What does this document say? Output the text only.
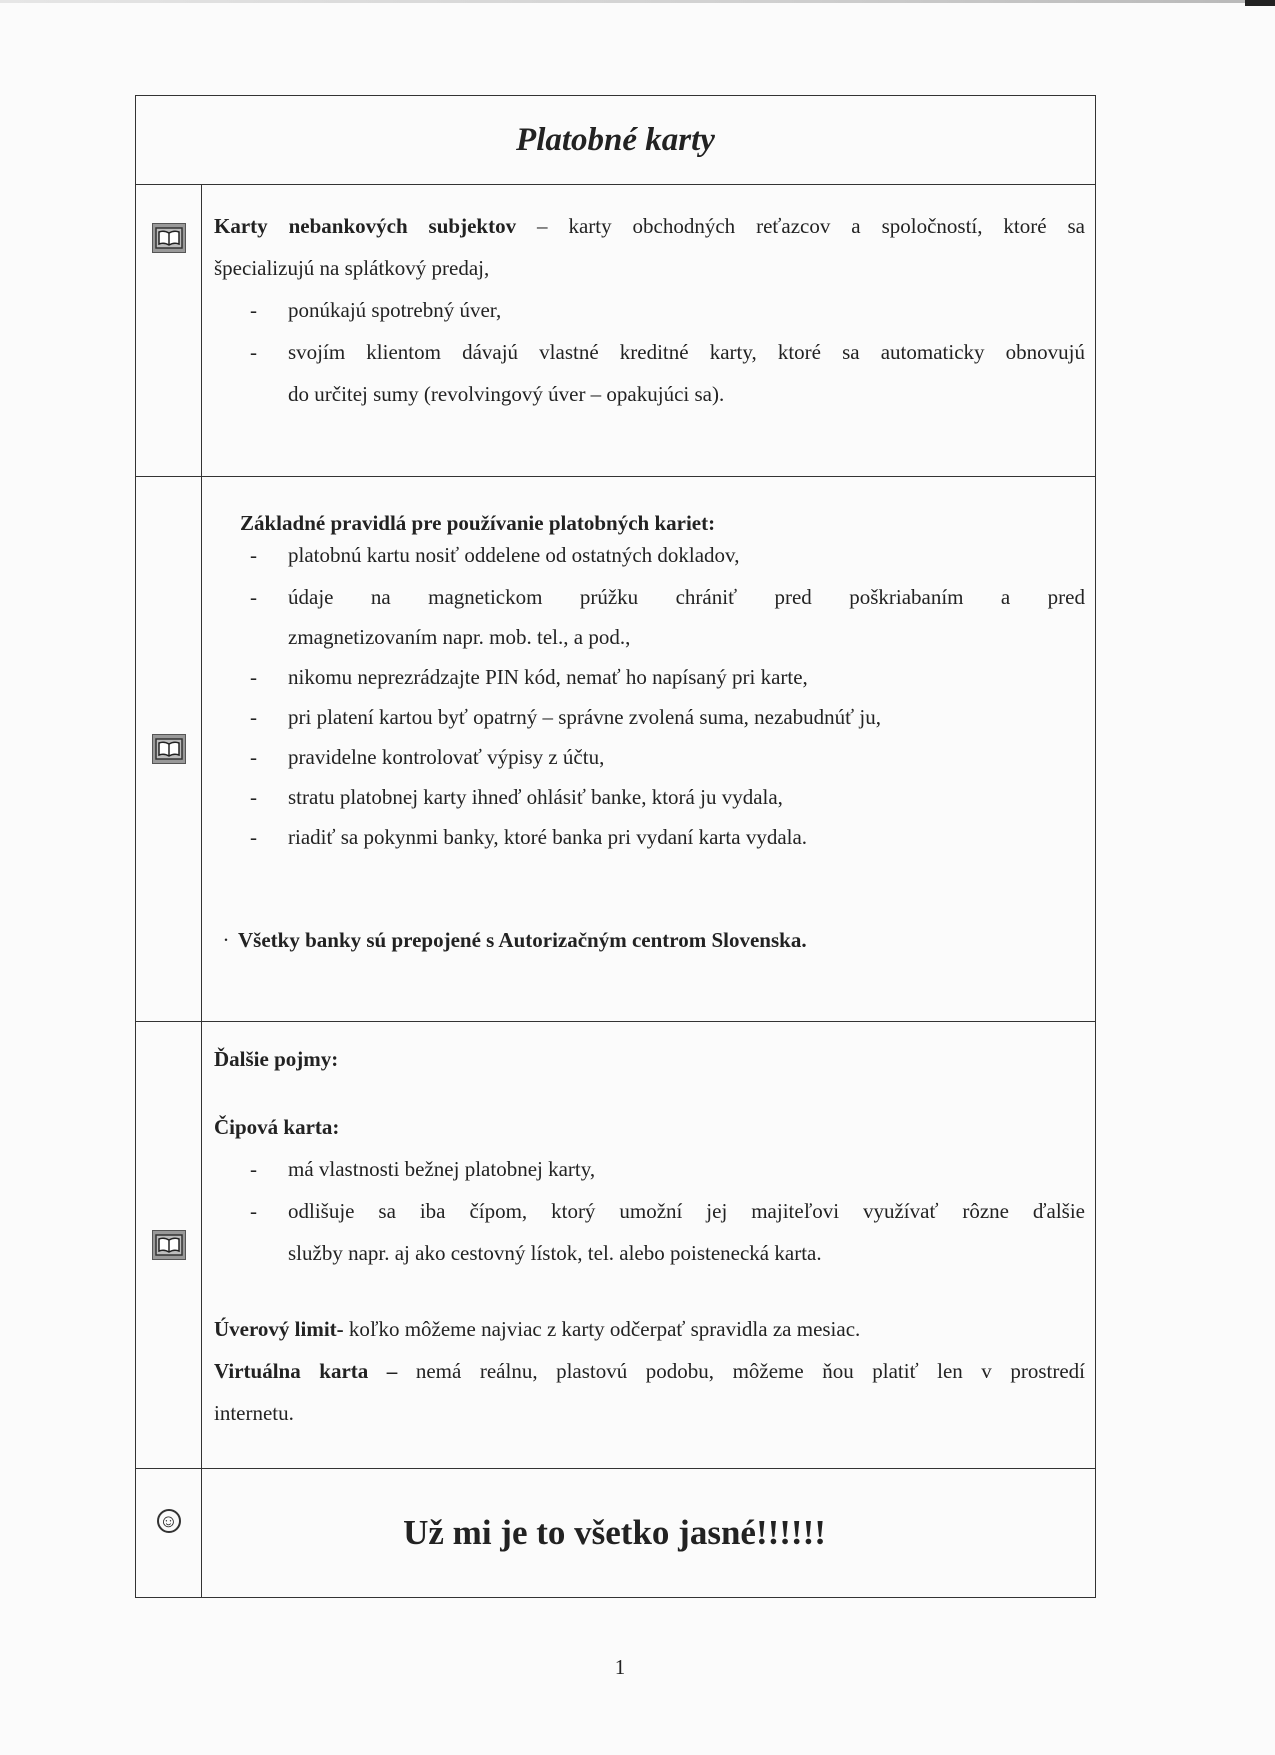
Platobné karty
Karty nebankových subjektov – karty obchodných reťazcov a spoločností, ktoré sa
špecializujú na splátkový predaj,
- ponúkajú spotrebný úver,
- svojím klientom dávajú vlastné kreditné karty, ktoré sa automaticky obnovujú
do určitej sumy (revolvingový úver – opakujúci sa).
Základné pravidlá pre používanie platobných kariet:
- platobnú kartu nosiť oddelene od ostatných dokladov,
- údaje na magnetickom prúžku chrániť pred poškriabaním a pred
zmagnetizovaním napr. mob. tel., a pod.,
- nikomu neprezrádzajte PIN kód, nemať ho napísaný pri karte,
- pri platení kartou byť opatrný – správne zvolená suma, nezabudnúť ju,
- pravidelne kontrolovať výpisy z účtu,
- stratu platobnej karty ihneď ohlásiť banke, ktorá ju vydala,
- riadiť sa pokynmi banky, ktoré banka pri vydaní karta vydala.
· Všetky banky sú prepojené s Autorizačným centrom Slovenska.
Ďalšie pojmy:
Čipová karta:
- má vlastnosti bežnej platobnej karty,
- odlišuje sa iba čípom, ktorý umožní jej majiteľovi využívať rôzne ďalšie
služby napr. aj ako cestovný lístok, tel. alebo poistenecká karta.
Úverový limit- koľko môžeme najviac z karty odčerpať spravidla za mesiac.
Virtuálna karta – nemá reálnu, plastovú podobu, môžeme ňou platiť len v prostredí
internetu.
☺	Už mi je to všetko jasné!!!!!!
1
